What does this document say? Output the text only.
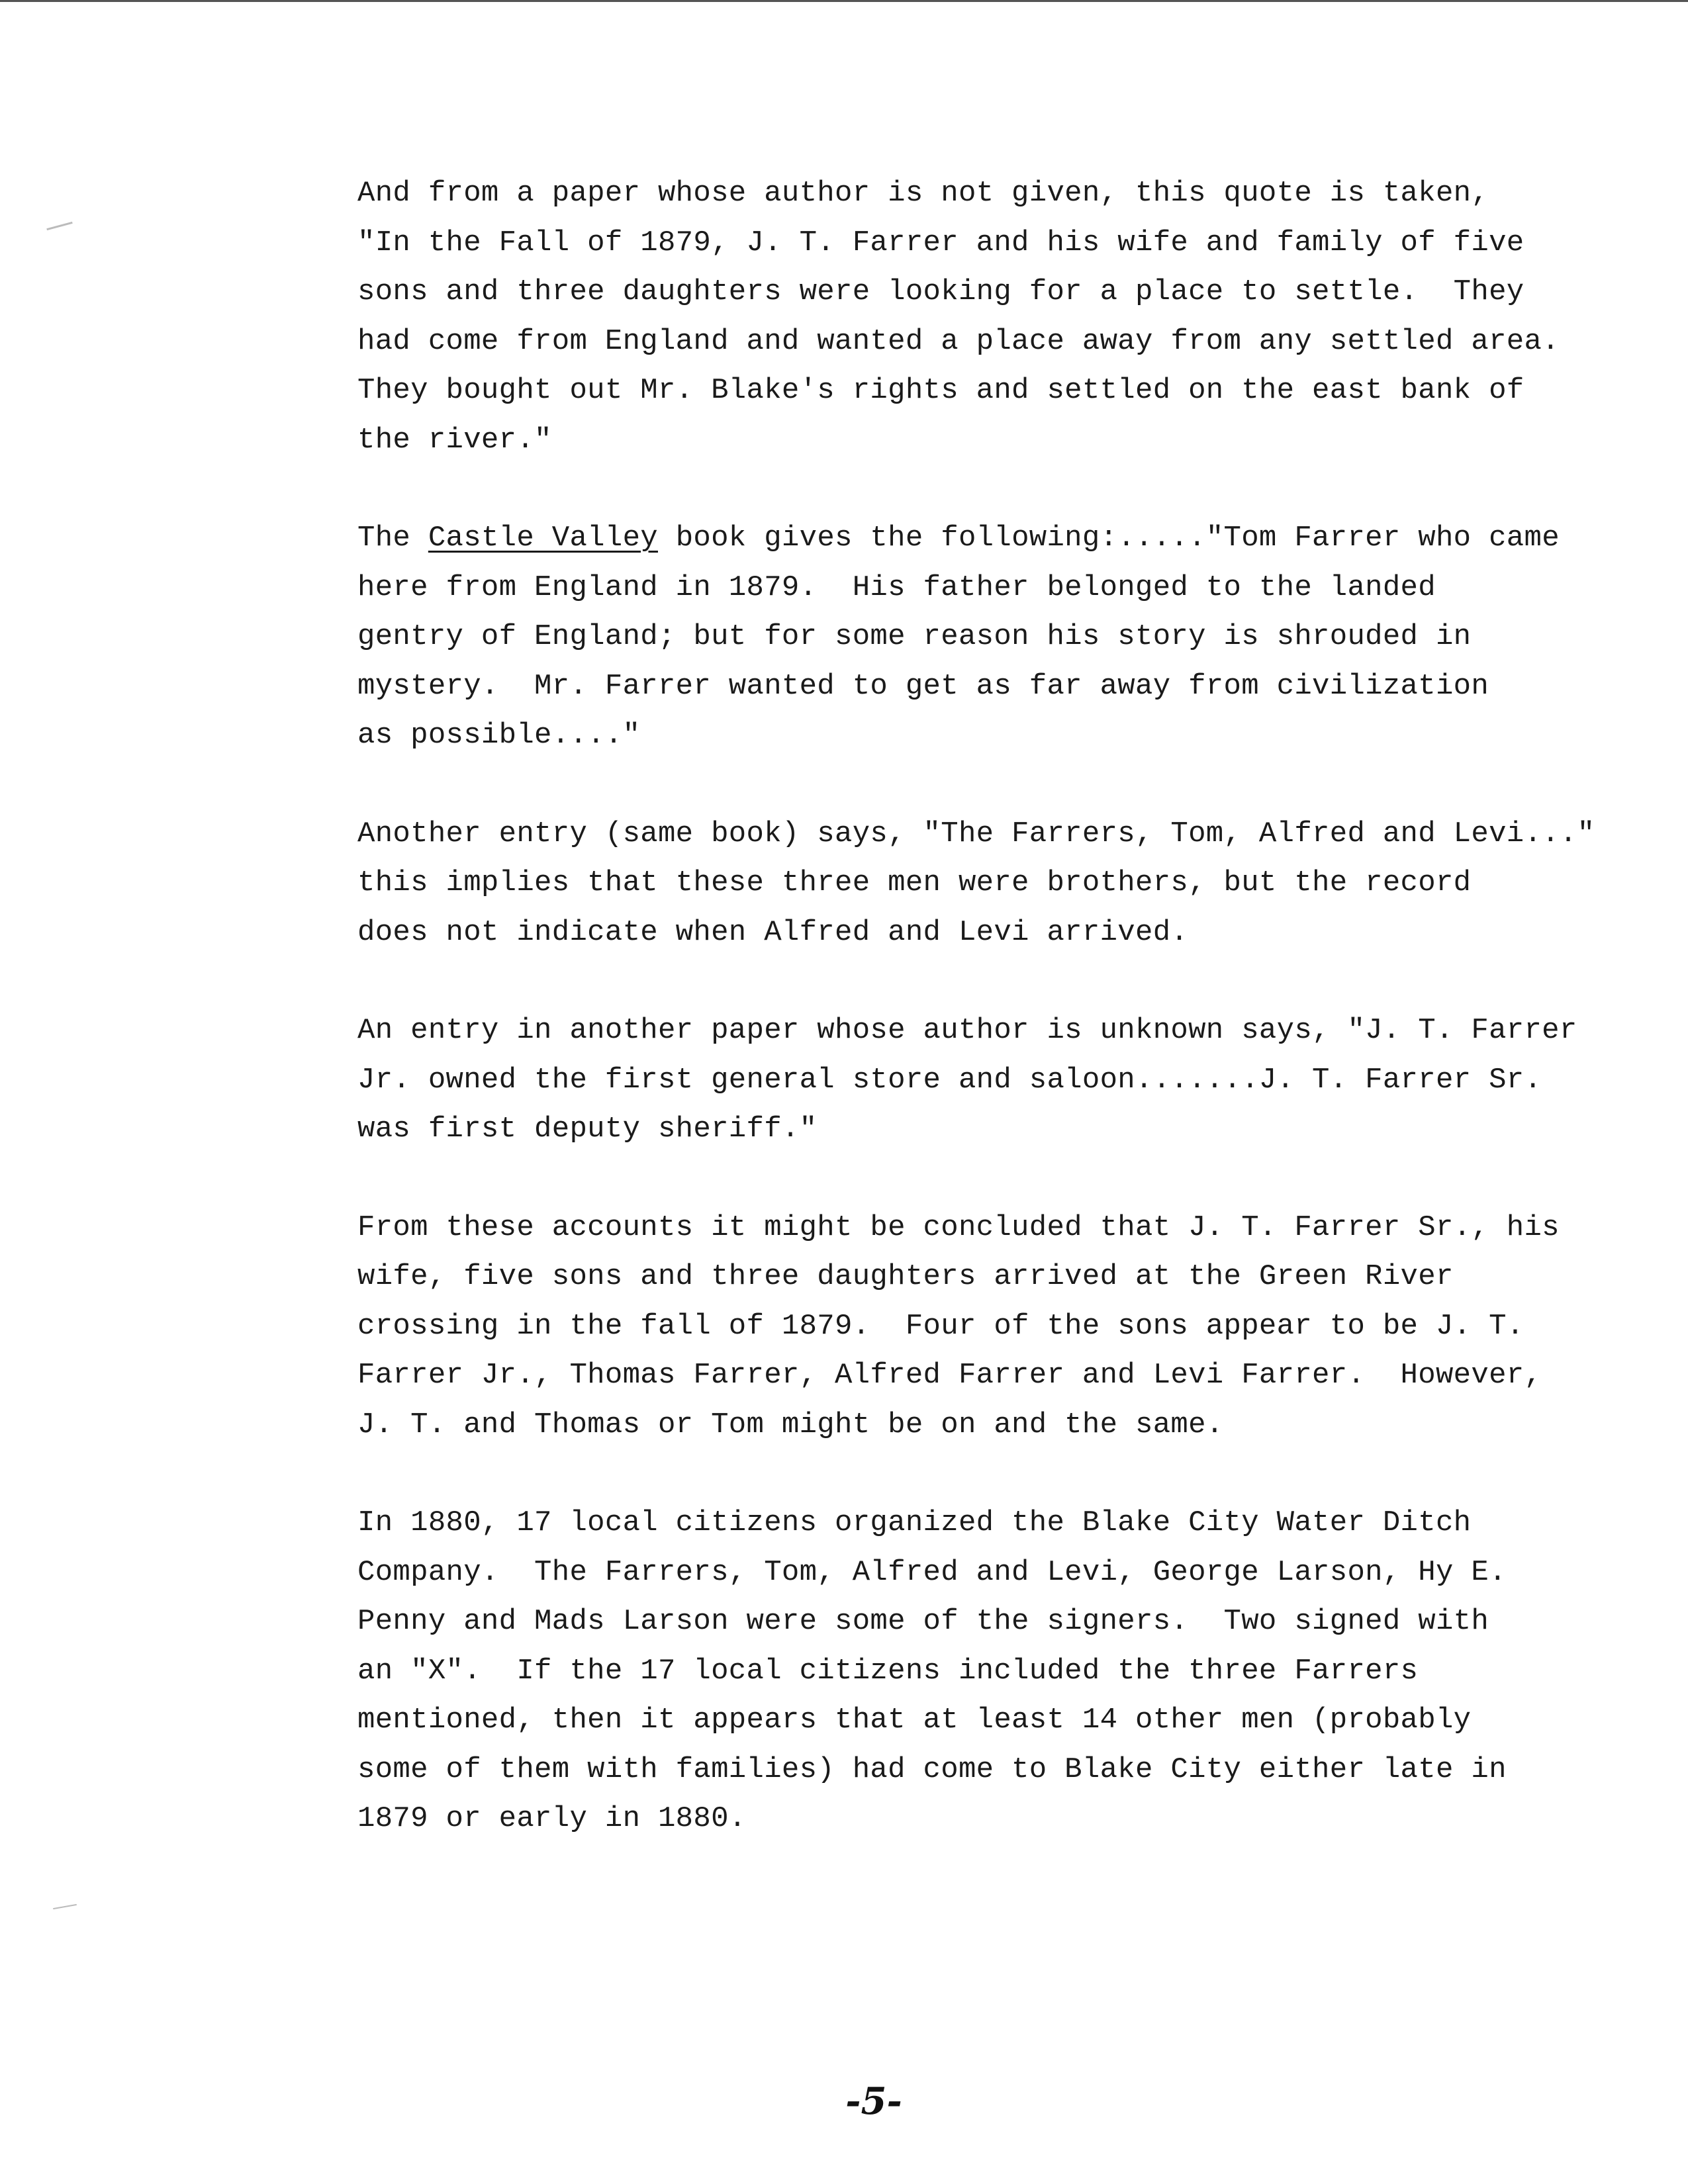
And from a paper whose author is not given, this quote is taken,
"In the Fall of 1879, J. T. Farrer and his wife and family of five
sons and three daughters were looking for a place to settle.  They
had come from England and wanted a place away from any settled area.
They bought out Mr. Blake's rights and settled on the east bank of
the river."
The Castle Valley book gives the following:....."Tom Farrer who came
here from England in 1879.  His father belonged to the landed
gentry of England; but for some reason his story is shrouded in
mystery.  Mr. Farrer wanted to get as far away from civilization
as possible...."
Another entry (same book) says, "The Farrers, Tom, Alfred and Levi..."
this implies that these three men were brothers, but the record
does not indicate when Alfred and Levi arrived.
An entry in another paper whose author is unknown says, "J. T. Farrer
Jr. owned the first general store and saloon.......J. T. Farrer Sr.
was first deputy sheriff."
From these accounts it might be concluded that J. T. Farrer Sr., his
wife, five sons and three daughters arrived at the Green River
crossing in the fall of 1879.  Four of the sons appear to be J. T.
Farrer Jr., Thomas Farrer, Alfred Farrer and Levi Farrer.  However,
J. T. and Thomas or Tom might be on and the same.
In 1880, 17 local citizens organized the Blake City Water Ditch
Company.  The Farrers, Tom, Alfred and Levi, George Larson, Hy E.
Penny and Mads Larson were some of the signers.  Two signed with
an "X".  If the 17 local citizens included the three Farrers
mentioned, then it appears that at least 14 other men (probably
some of them with families) had come to Blake City either late in
1879 or early in 1880.
-5-
